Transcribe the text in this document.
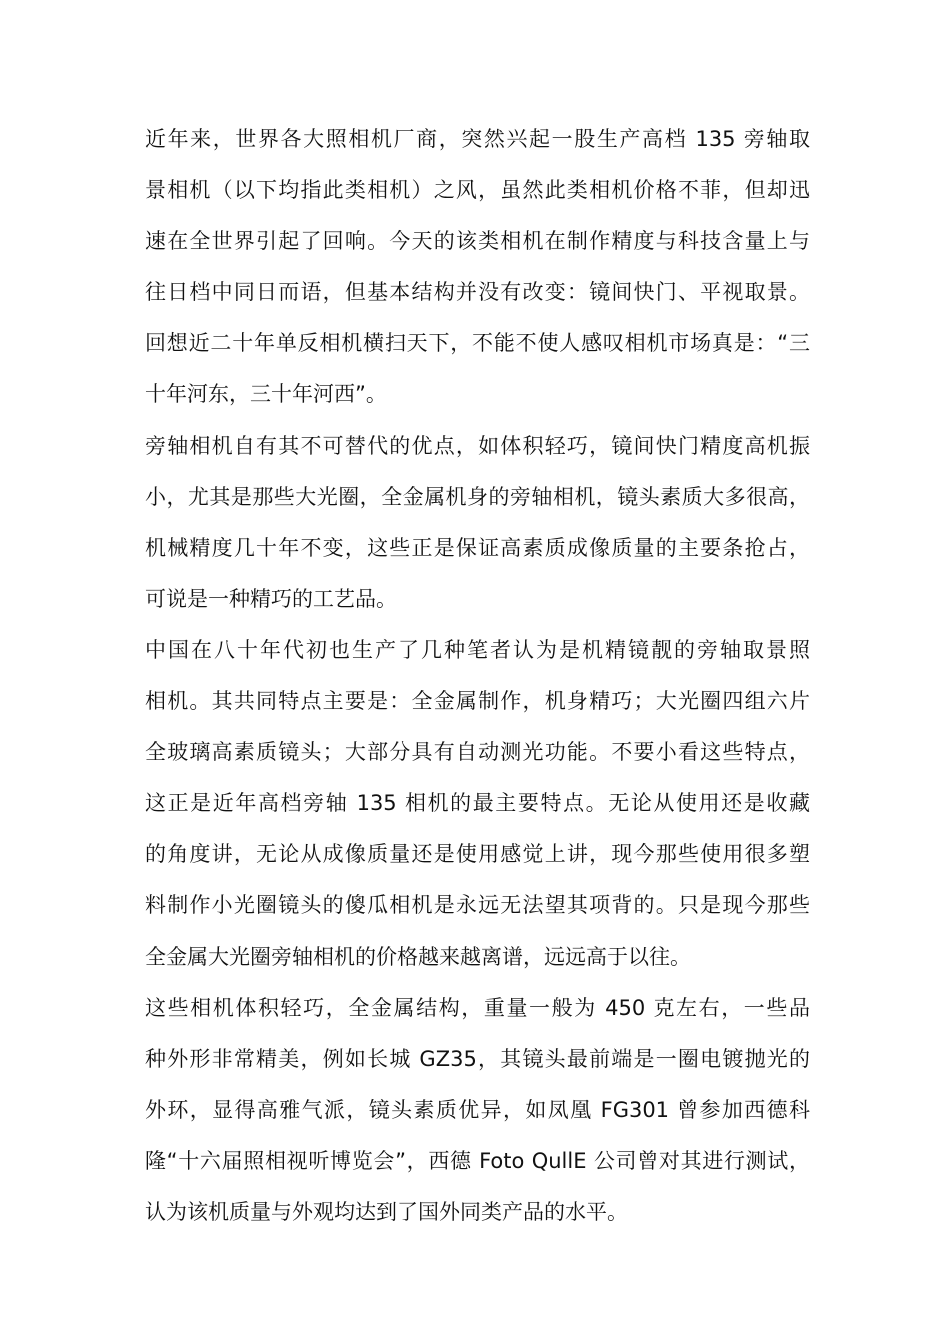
近年来，世界各大照相机厂商，突然兴起一股生产高档 135 旁轴取

景相机（以下均指此类相机）之风，虽然此类相机价格不菲，但却迅

速在全世界引起了回响。今天的该类相机在制作精度与科技含量上与

往日档中同日而语，但基本结构并没有改变：镜间快门、平视取景。

回想近二十年单反相机横扫天下，不能不使人感叹相机市场真是：“三

十年河东，三十年河西”。

旁轴相机自有其不可替代的优点，如体积轻巧，镜间快门精度高机振

小，尤其是那些大光圈，全金属机身的旁轴相机，镜头素质大多很高，

机械精度几十年不变，这些正是保证高素质成像质量的主要条抢占，

可说是一种精巧的工艺品。

中国在八十年代初也生产了几种笔者认为是机精镜靓的旁轴取景照

相机。其共同特点主要是：全金属制作，机身精巧；大光圈四组六片

全玻璃高素质镜头；大部分具有自动测光功能。不要小看这些特点，

这正是近年高档旁轴 135 相机的最主要特点。无论从使用还是收藏

的角度讲，无论从成像质量还是使用感觉上讲，现今那些使用很多塑

料制作小光圈镜头的傻瓜相机是永远无法望其项背的。只是现今那些

全金属大光圈旁轴相机的价格越来越离谱，远远高于以往。

这些相机体积轻巧，全金属结构，重量一般为 450 克左右，一些品

种外形非常精美，例如长城 GZ35，其镜头最前端是一圈电镀抛光的

外环，显得高雅气派，镜头素质优异，如凤凰 FG301 曾参加西德科

隆“十六届照相视听博览会”，西德 Foto QullE 公司曾对其进行测试，

认为该机质量与外观均达到了国外同类产品的水平。
